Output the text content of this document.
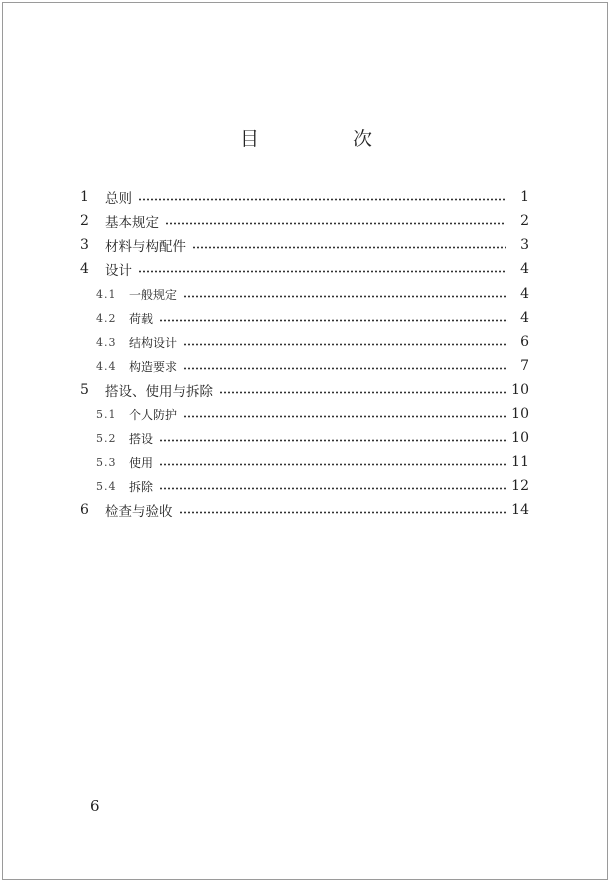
目 次
1	总则	1
2	基本规定	2
3	材料与构配件	3
4	设计	4
4.1	一般规定	4
4.2	荷载	4
4.3	结构设计	6
4.4	构造要求	7
5	搭设、使用与拆除	10
5.1	个人防护	10
5.2	搭设	10
5.3	使用	11
5.4	拆除	12
6	检查与验收	14
6
